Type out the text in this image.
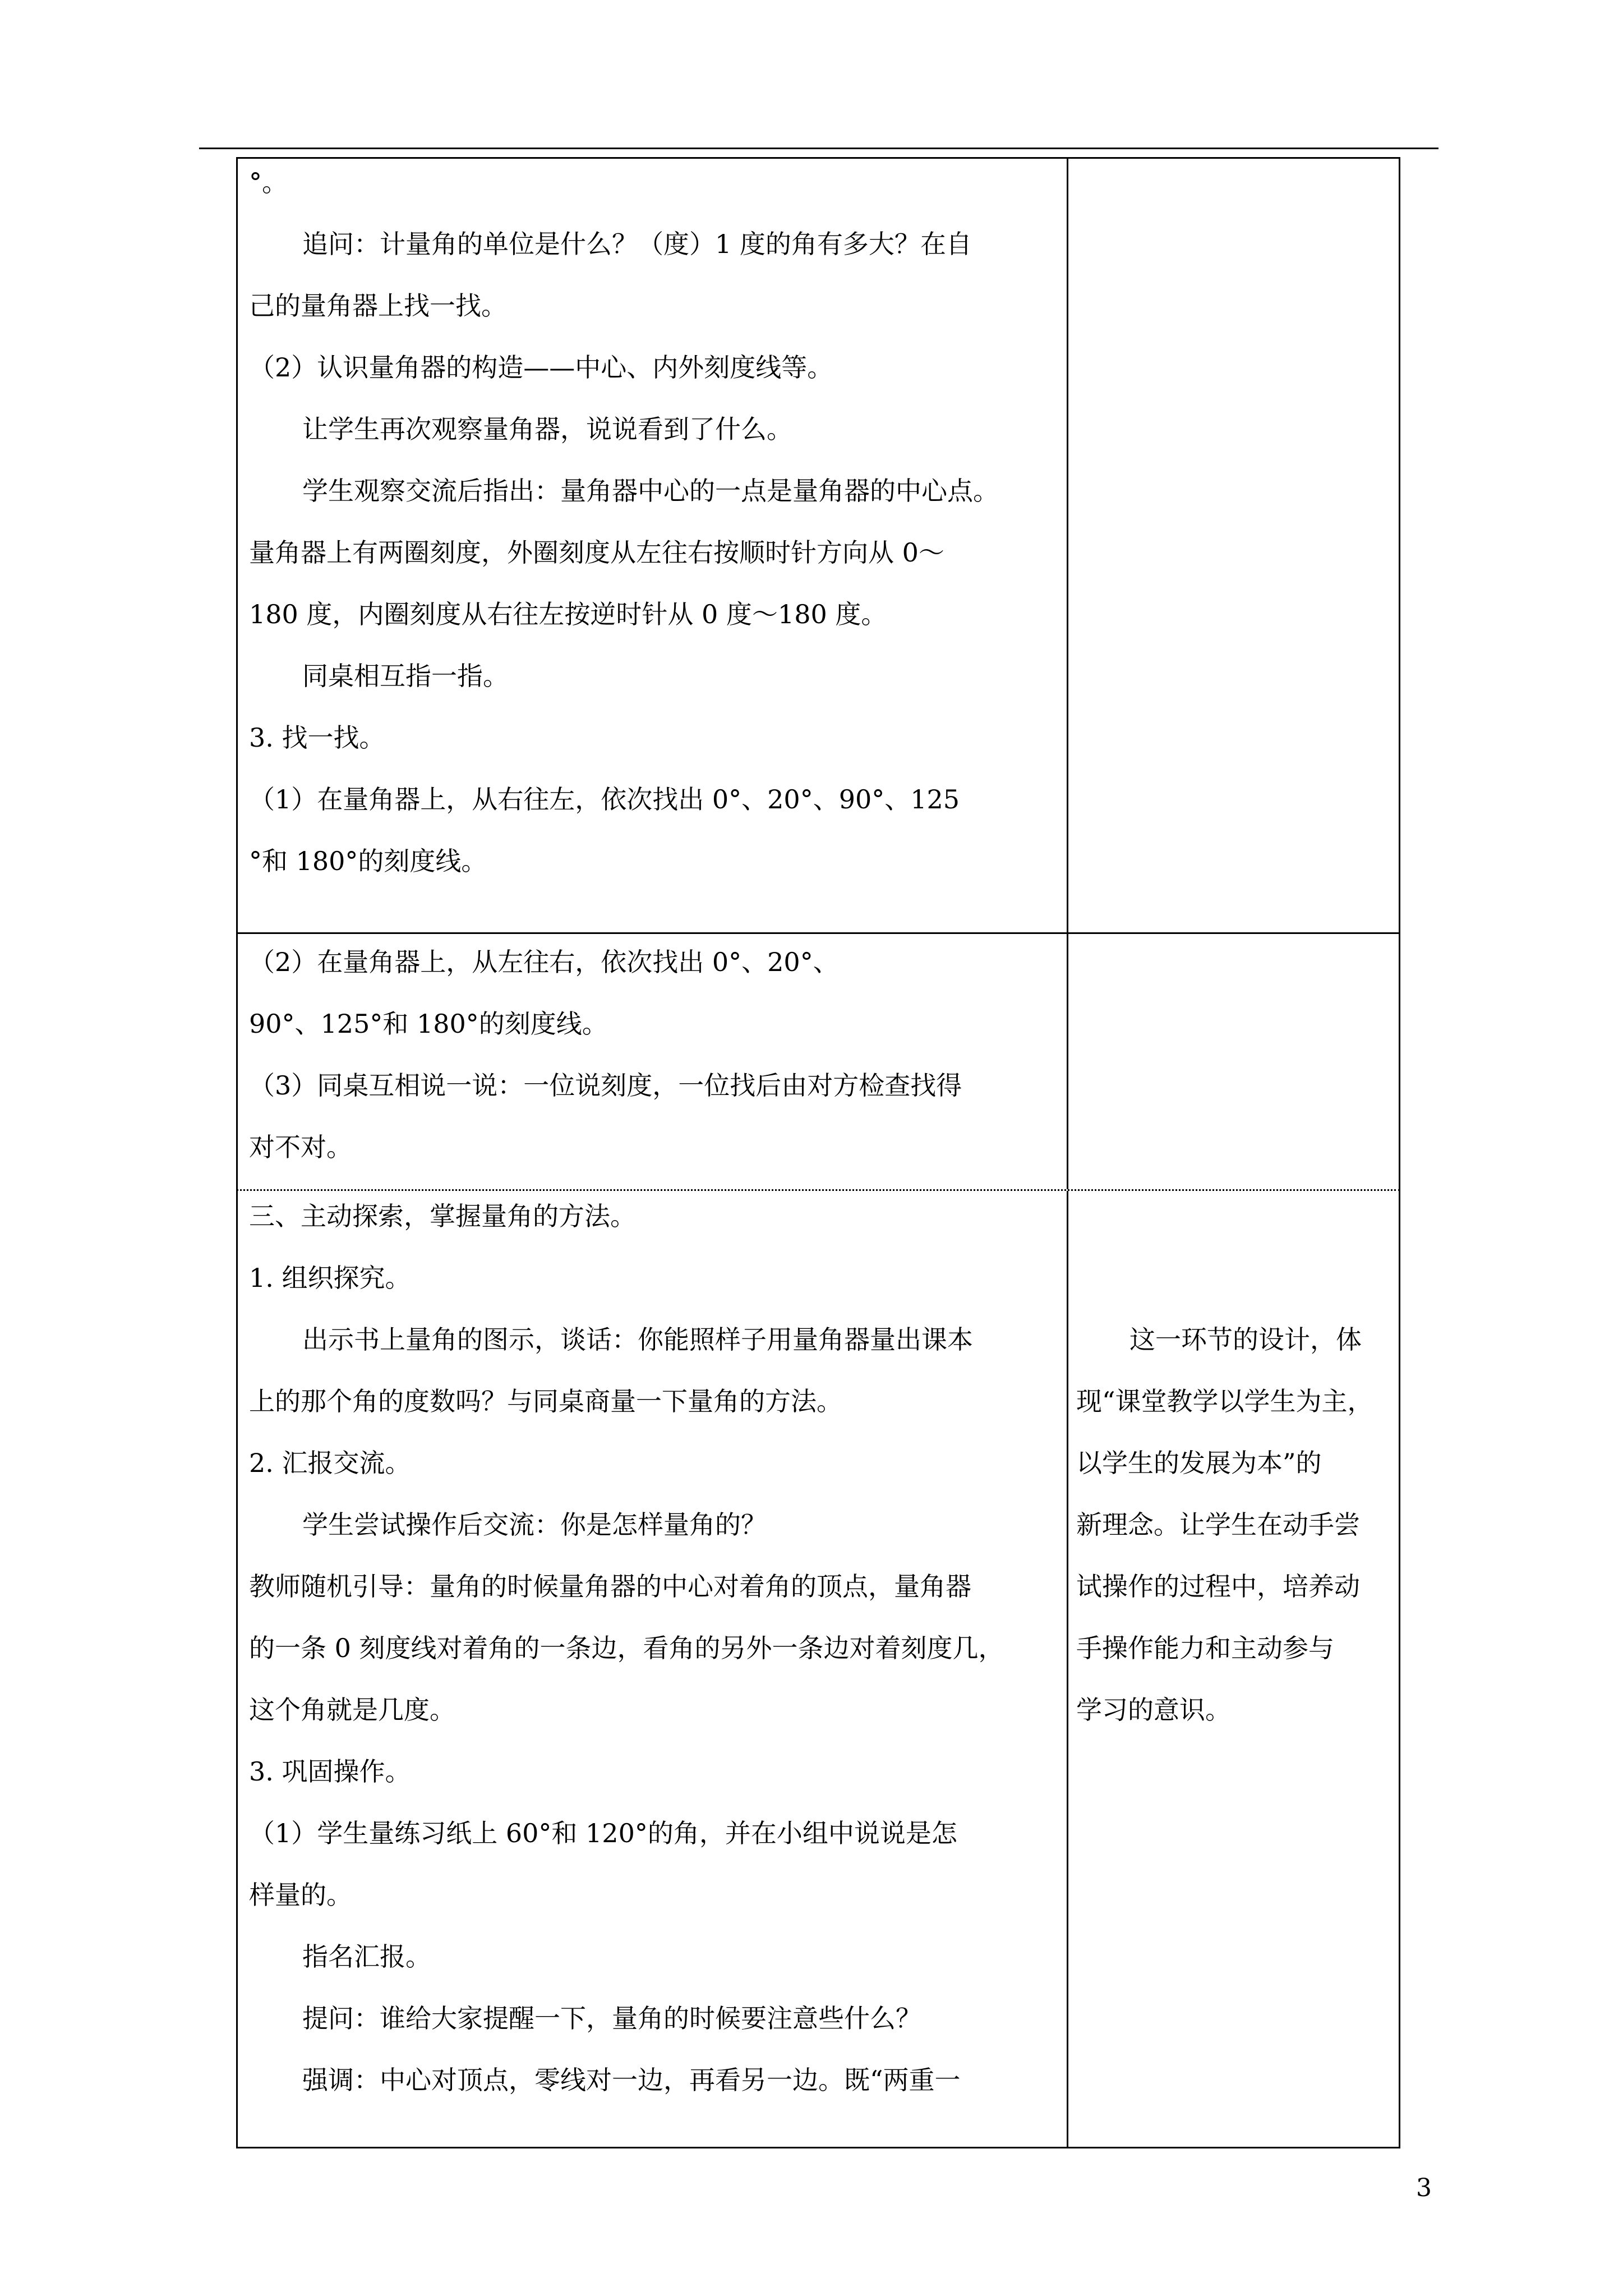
°。
追问：计量角的单位是什么？（度）1 度的角有多大？在自
己的量角器上找一找。
（2）认识量角器的构造——中心、内外刻度线等。
让学生再次观察量角器，说说看到了什么。
学生观察交流后指出：量角器中心的一点是量角器的中心点。
量角器上有两圈刻度，外圈刻度从左往右按顺时针方向从 0～
180 度，内圈刻度从右往左按逆时针从 0 度～180 度。
同桌相互指一指。
3. 找一找。
（1）在量角器上，从右往左，依次找出 0°、20°、90°、125
°和 180°的刻度线。
（2）在量角器上，从左往右，依次找出 0°、20°、
90°、125°和 180°的刻度线。
（3）同桌互相说一说：一位说刻度，一位找后由对方检查找得
对不对。
三、主动探索，掌握量角的方法。
1. 组织探究。
出示书上量角的图示，谈话：你能照样子用量角器量出课本
上的那个角的度数吗？与同桌商量一下量角的方法。
2. 汇报交流。
学生尝试操作后交流：你是怎样量角的？
教师随机引导：量角的时候量角器的中心对着角的顶点，量角器
的一条 0 刻度线对着角的一条边，看角的另外一条边对着刻度几，
这个角就是几度。
3. 巩固操作。
（1）学生量练习纸上 60°和 120°的角，并在小组中说说是怎
样量的。
指名汇报。
提问：谁给大家提醒一下，量角的时候要注意些什么？
强调：中心对顶点，零线对一边，再看另一边。既“两重一
这一环节的设计，体
现“课堂教学以学生为主，
以学生的发展为本”的
新理念。让学生在动手尝
试操作的过程中，培养动
手操作能力和主动参与
学习的意识。
3
